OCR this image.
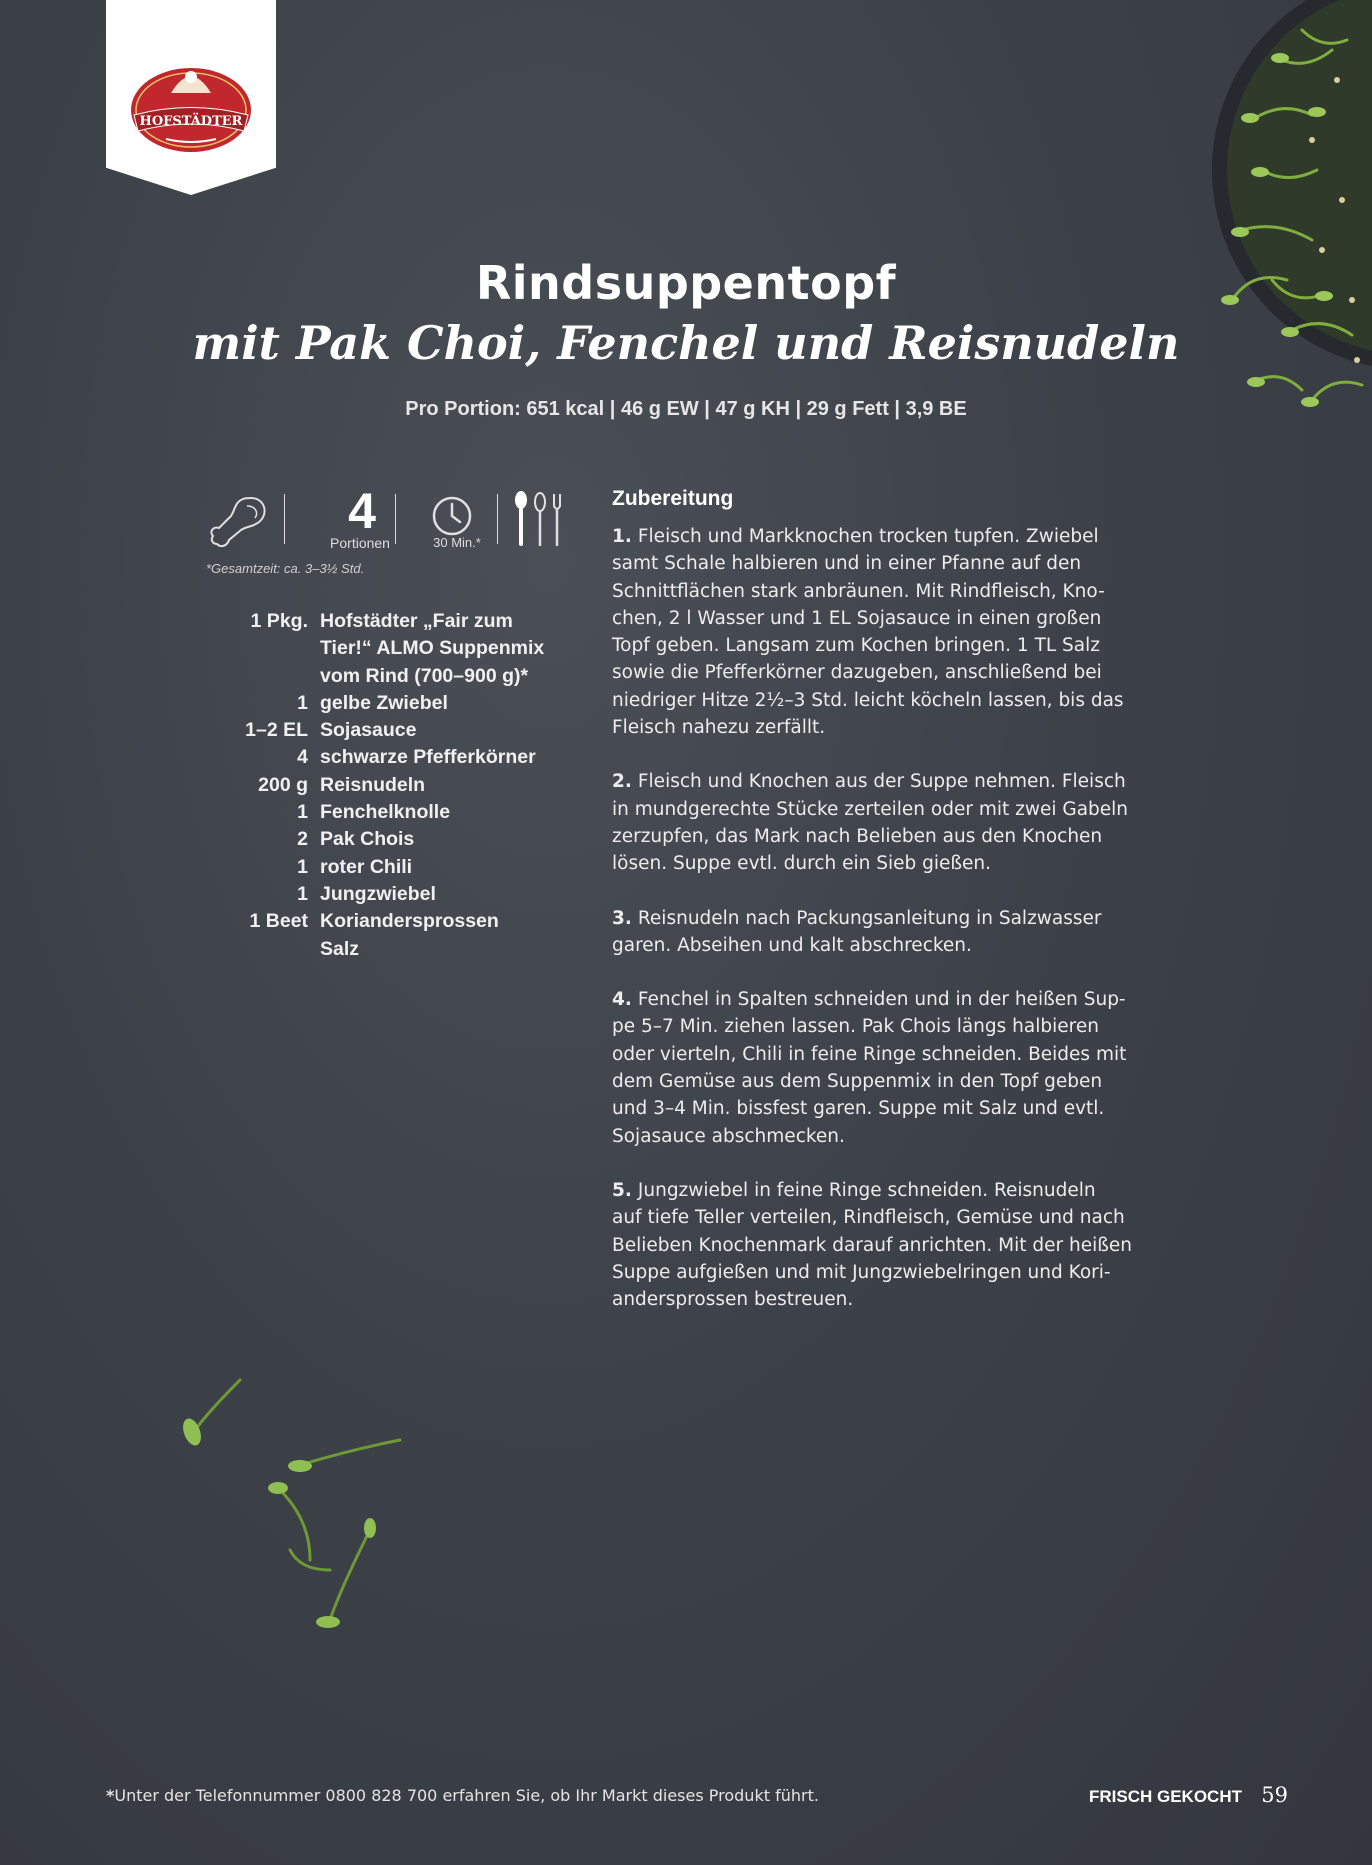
HOFSTÄDTER
Rindsuppentopf
mit Pak Choi, Fenchel und Reisnudeln
Pro Portion: 651 kcal | 46 g EW | 47 g KH | 29 g Fett | 3,9 BE
4
Portionen	30 Min.*
*Gesamtzeit: ca. 3–3½ Std.
1 Pkg. Hofstädter „Fair zum
Tier!“ ALMO Suppenmix
vom Rind (700–900 g)*
1 gelbe Zwiebel
1–2 EL Sojasauce
4 schwarze Pfefferkörner
200 g Reisnudeln
1 Fenchelknolle
2 Pak Chois
1 roter Chili
1 Jungzwiebel
1 Beet Koriandersprossen
Salz
Zubereitung

1. Fleisch und Markknochen trocken tupfen. Zwiebel
samt Schale halbieren und in einer Pfanne auf den
Schnittflächen stark anbräunen. Mit Rindfleisch, Kno-
chen, 2 l Wasser und 1 EL Sojasauce in einen großen
Topf geben. Langsam zum Kochen bringen. 1 TL Salz
sowie die Pfefferkörner dazugeben, anschließend bei
niedriger Hitze 2½–3 Std. leicht köcheln lassen, bis das
Fleisch nahezu zerfällt.

2. Fleisch und Knochen aus der Suppe nehmen. Fleisch
in mundgerechte Stücke zerteilen oder mit zwei Gabeln
zerzupfen, das Mark nach Belieben aus den Knochen
lösen. Suppe evtl. durch ein Sieb gießen.

3. Reisnudeln nach Packungsanleitung in Salzwasser
garen. Abseihen und kalt abschrecken.

4. Fenchel in Spalten schneiden und in der heißen Sup-
pe 5–7 Min. ziehen lassen. Pak Chois längs halbieren
oder vierteln, Chili in feine Ringe schneiden. Beides mit
dem Gemüse aus dem Suppenmix in den Topf geben
und 3–4 Min. bissfest garen. Suppe mit Salz und evtl.
Sojasauce abschmecken.

5. Jungzwiebel in feine Ringe schneiden. Reisnudeln
auf tiefe Teller verteilen, Rindfleisch, Gemüse und nach
Belieben Knochenmark darauf anrichten. Mit der heißen
Suppe aufgießen und mit Jungzwiebelringen und Kori-
andersprossen bestreuen.

*Unter der Telefonnummer 0800 828 700 erfahren Sie, ob Ihr Markt dieses Produkt führt.	FRISCH GEKOCHT 59
